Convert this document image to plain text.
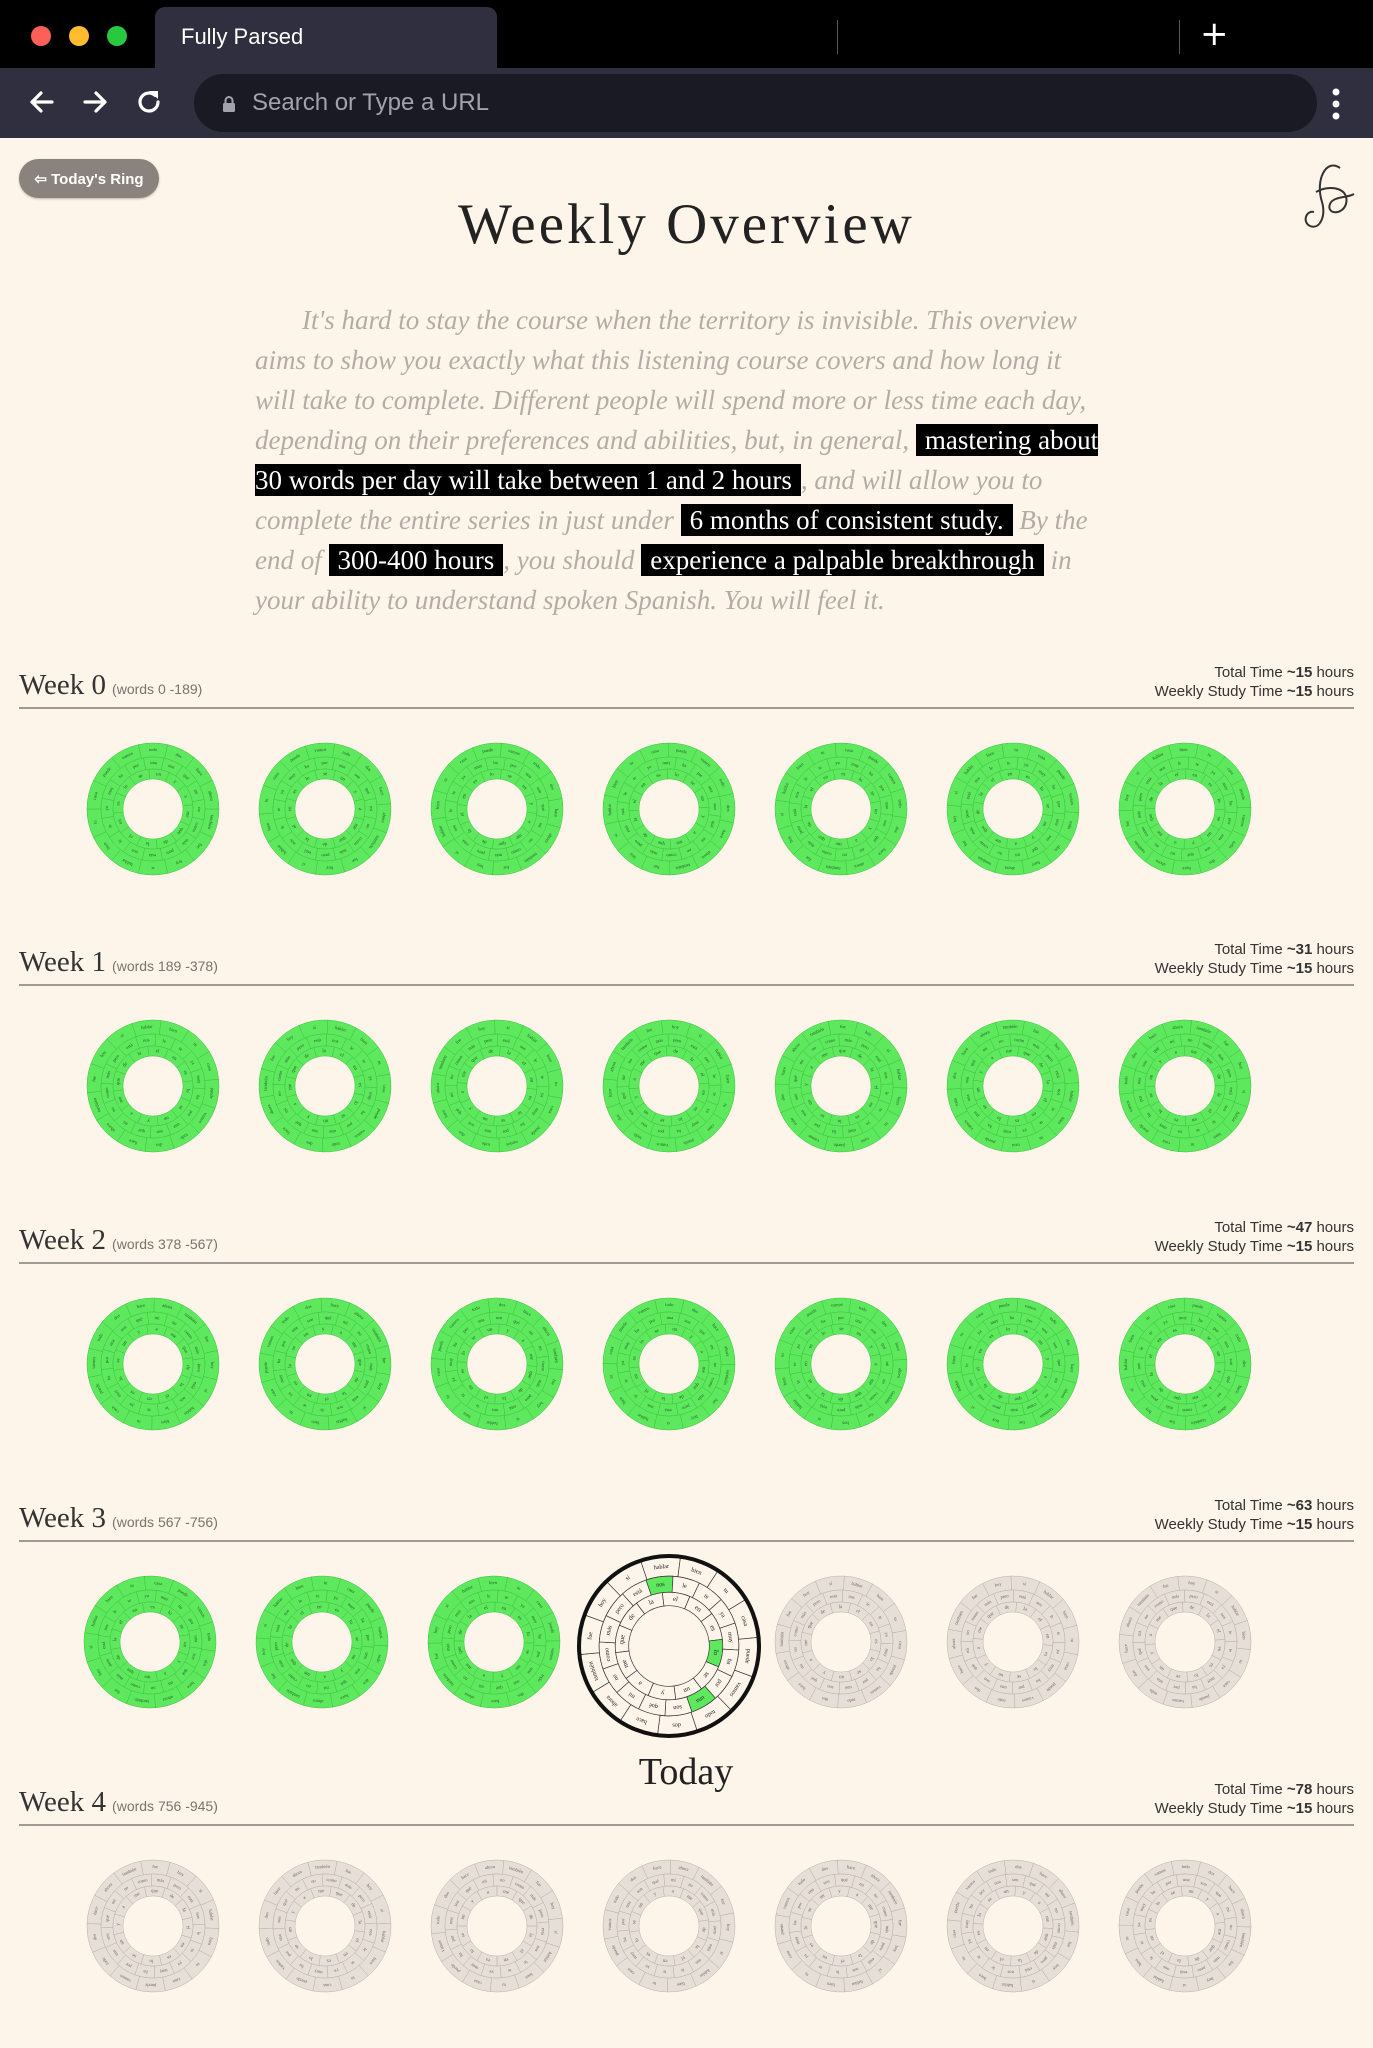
Fully Parsed	+
Search or Type a URL
⇦ Today's Ring
Weekly Overview

It's hard to stay the course when the territory is invisible. This overview aims to show you exactly what this listening course covers and how long it will take to complete. Different people will spend more or less time each day, depending on their preferences and abilities, but, in general, mastering about 30 words per day will take between 1 and 2 hours , and will allow you to complete the entire series in just under 6 months of consistent study. By the end of 300-400 hours , you should experience a palpable breakthrough in your ability to understand spoken Spanish. You will feel it.

Week 0 (words 0 -189)
Total Time ~15 hours
Weekly Study Time ~15 hours
también
fue
hoy
sí
hablar
bien
tu
casa
puede
vamos
todo
dos
hace
ahora
como
más
pero
está
nos
le
te
ya
muy
ha
por una
son
qué
mi
no
que
de
la
el
en
es
lo
se un
y
a
me
también
fue
hoy
sí
hablar
bien
tu
casa
puede
vamos
todo
dos
hace
ahora
como
más
pero
está
nos
le
te
ya
muy
ha
por una
son
qué
mi
no
que
de
la
el
en
es
lo
se
un
y
a
me
también
fue
hoy
sí
hablar
bien
tu
casa
puede	vamos
todo
dos
hace
ahora
como
más
pero
está
nos
le
te
ya
muy
ha	por
una
son
qué
mi
no
que
de
la
el
en
es
lo	se
un
y
a
me
también
fue
hoy
sí
hablar
bien
tu
casa	puede
vamos
todo
dos
hace
ahora
como
más
pero
está
nos
le
te
ya
muy ha
por
una
son
qué
mi
no
que
de
la
el
en
es	lo
se
un
y
a
me
también
fue
hoy
sí
hablar
bien
tu	casa
puede
vamos
todo
dos
hace
ahora
como
más
pero
está
nos
le
te
ya muy
ha
por
una
son
qué
mi
no
que
de
la
el
en
es
lo
se
un
y
a
me
también
fue
hoy
sí
hablar
bien
tu
casa
puede
vamos
todo
dos
hace
ahora
como
más
pero
está
nos
le
te	ya
muy
ha
por
una
son
qué
mi
no
que
de
la
el
en es
lo
se
un
y
a
me	también
fue
hoy
sí
hablar
bien
tu
casa
puede
vamos
todo
dos
hace
ahora
como
más
pero
está
nos
le	te
ya
muy
ha
por
una
son
qué
mi
no
que
de
la
el en
es
lo
se
un
y
a
me
Week 1 (words 189 -378)
Total Time ~31 hours
Weekly Study Time ~15 hours
también
fue
hoy
sí
hablar	bien
tu
casa
puede
vamos
todo
dos
hace
ahora
como
más
pero
está
nos	le
te
ya
muy
ha
por
una
son
qué
mi
no
que
de
la	el
en
es
lo
se
un
y
a
me
también
fue
hoy
sí	hablar
bien
tu
casa
puede
vamos
todo
dos
hace
ahora
como
más
pero
está nos
le
te
ya
muy
ha
por
una
son
qué
mi
no
que
de
la
el
en
es
lo
se
un
y
a
me
también
fue
hoy	sí
hablar
bien
tu
casa
puede
vamos
todo
dos
hace
ahora
como
más
pero está
nos
le
te
ya
muy
ha
por
una
son
qué
mi
no
que
de la
el
en
es
lo
se
un
y
a
me
también
fue	hoy
sí
hablar
bien
tu
casa
puede
vamos
todo
dos
hace
ahora
como
más pero
está
nos
le
te
ya
muy
ha
por
una
son
qué
mi
no
que de
la
el
en
es
lo
se
un
y
a
me
también	fue
hoy
sí
hablar
bien
tu
casa
puede
vamos
todo
dos
hace
ahora
como más
pero
está
nos
le
te
ya
muy
ha
por
una
son
qué
mi
no	que
de
la
el
en
es
lo
se
un
y
a
me
también
fue
hoy
sí
hablar
bien
tu
casa
puede
vamos
todo
dos
hace
ahora
como
más
pero
está
nos
le
te
ya
muy
ha
por
una
son
qué
mi
no
que
de
la
el
en
es
lo
se
un
y
a
me
también
fue
hoy
sí
hablar
bien
tu
casa
puede
vamos
todo
dos
hace
ahora
como
más
pero
está
nos
le
te
ya
muy
ha
por
una
son
qué
mi	no
que
de
la
el
en
es
lo
se
un
y
a me
Week 2 (words 378 -567)
Total Time ~47 hours
Weekly Study Time ~15 hours
también
fue
hoy
sí
hablar
bien
tu
casa
puede
vamos
todo
dos
hace	ahora
como
más
pero
está
nos
le
te
ya
muy
ha
por
una
son
qué mi
no
que
de
la
el
en
es
lo
se
un
y
a
me	también
fue
hoy
sí
hablar
bien
tu
casa
puede
vamos
todo
dos	hace
ahora
como
más
pero
está
nos
le
te
ya
muy
ha
por
una
son qué
mi
no
que
de
la
el
en
es
lo
se
un
y
a
me
también
fue
hoy
sí
hablar
bien
tu
casa
puede
vamos
todo	dos
hace
ahora
como
más
pero
está
nos
le
te
ya
muy
ha
por
una son
qué
mi
no
que
de
la
el
en
es
lo
se
un	y
a
me
también
fue
hoy
sí
hablar
bien
tu
casa
puede
vamos
todo
dos
hace
ahora
como
más
pero
está
nos
le
te
ya
muy
ha
por una
son
qué
mi
no
que
de
la
el
en
es
lo
se un
y
a
me
también
fue
hoy
sí
hablar
bien
tu
casa
puede
vamos
todo
dos
hace
ahora
como
más
pero
está
nos
le
te
ya
muy
ha
por una
son
qué
mi
no
que
de
la
el
en
es
lo
se
un
y
a
me
también
fue
hoy
sí
hablar
bien
tu
casa
puede	vamos
todo
dos
hace
ahora
como
más
pero
está
nos
le
te
ya
muy
ha	por
una
son
qué
mi
no
que
de
la
el
en
es
lo	se
un
y
a
me
también
fue
hoy
sí
hablar
bien
tu
casa	puede
vamos
todo
dos
hace
ahora
como
más
pero
está
nos
le
te
ya
muy ha
por
una
son
qué
mi
no
que
de
la
el
en
es	lo
se
un
y
a
me
Week 3 (words 567 -756)
Total Time ~63 hours
Weekly Study Time ~15 hours
también
fue
hoy
sí
hablar
bien
tu	casa
puede
vamos
todo
dos
hace
ahora
como
más
pero
está
nos
le
te
ya muy
ha
por
una
son
qué
mi
no
que
de
la
el
en
es
lo
se
un
y
a
me
también
fue
hoy
sí
hablar
bien
tu
casa
puede
vamos
todo
dos
hace
ahora
como
más
pero
está
nos
le
te	ya
muy
ha
por
una
son
qué
mi
no
que
de
la
el
en
es
lo
se
un
y
a
me	también
fue
hoy
sí
hablar
bien
tu
casa
puede
vamos
todo
dos
hace
ahora
como
más
pero
está
nos
le	te
ya
muy
ha
por
una
son
qué
mi
no
que
de
la
el en
es
lo
se
un
y
a
me	también
fue
hoy
sí
hablar	bien
tu
casa
puede
vamos
todo
dos
hace
ahora
como
más
pero
está
nos	le
te
ya
muy
ha
por
una
son
qué
mi
no
que
de
la	el
en
es
lo
se
un
y
a
me
también
fue
hoy
sí	hablar
bien
tu
casa
puede
vamos
todo
dos
hace
ahora
como
más
pero
está nos
le
te
ya
muy
ha
por
una
son
qué
mi
no
que
de
la
el
en
es
lo
se
un
y
a
me
también
fue
hoy	sí
hablar
bien
tu
casa
puede
vamos
todo
dos
hace
ahora
como
más
pero está
nos
le
te
ya
muy
ha
por
una
son
qué
mi
no
que
de la
el
en
es
lo
se
un
y
a
me
también
fue	hoy
sí
hablar
bien
tu
casa
puede
vamos
todo
dos
hace
ahora
como
más pero
está
nos
le
te
ya
muy
ha
por
una
son
qué
mi
no
que de
la
el
en
es
lo
se
un
y
a
me
Today
Week 4 (words 756 -945)
Total Time ~78 hours
Weekly Study Time ~15 hours
también	fue
hoy
sí
hablar
bien
tu
casa
puede
vamos
todo
dos
hace
ahora
como más
pero
está
nos
le
te
ya
muy
ha
por
una
son
qué
mi
no
que
de
la
el
en
es
lo
se
un
y
a
me
también
fue
hoy
sí
hablar
bien
tu
casa
puede
vamos
todo
dos
hace
ahora
como
más
pero
está
nos
le
te
ya
muy
ha
por
una
son
qué
mi
no
que
de
la
el
en
es
lo
se
un
y
a
me
también
fue
hoy
sí
hablar
bien
tu
casa
puede
vamos
todo
dos
hace
ahora
como
más
pero
está
nos
le
te
ya
muy
ha
por
una
son
qué
mi	no
que
de
la
el
en
es
lo
se
un
y
a me
también
fue
hoy
sí
hablar
bien
tu
casa
puede
vamos
todo
dos
hace	ahora
como
más
pero
está
nos
le
te
ya
muy
ha
por
una
son
qué mi
no
que
de
la
el
en
es
lo
se
un
y	a
me	también
fue
hoy
sí
hablar
bien
tu
casa
puede
vamos
todo
dos	hace
ahora
como
más
pero
está
nos
le
te
ya
muy
ha
por
una
son qué
mi
no
que
de
la
el
en
es
lo
se
un
y
a
me
también
fue
hoy
sí
hablar
bien
tu
casa
puede
vamos
todo	dos
hace
ahora
como
más
pero
está
nos
le
te
ya
muy
ha
por
una son
qué
mi
no
que
de
la
el
en
es
lo
se
un	y
a
me
también
fue
hoy
sí
hablar
bien
tu
casa
puede
vamos
todo
dos
hace
ahora
como
más
pero
está
nos
le
te
ya
muy
ha
por una
son
qué
mi
no
que
de
la
el
en
es
lo
se un
y
a
me
